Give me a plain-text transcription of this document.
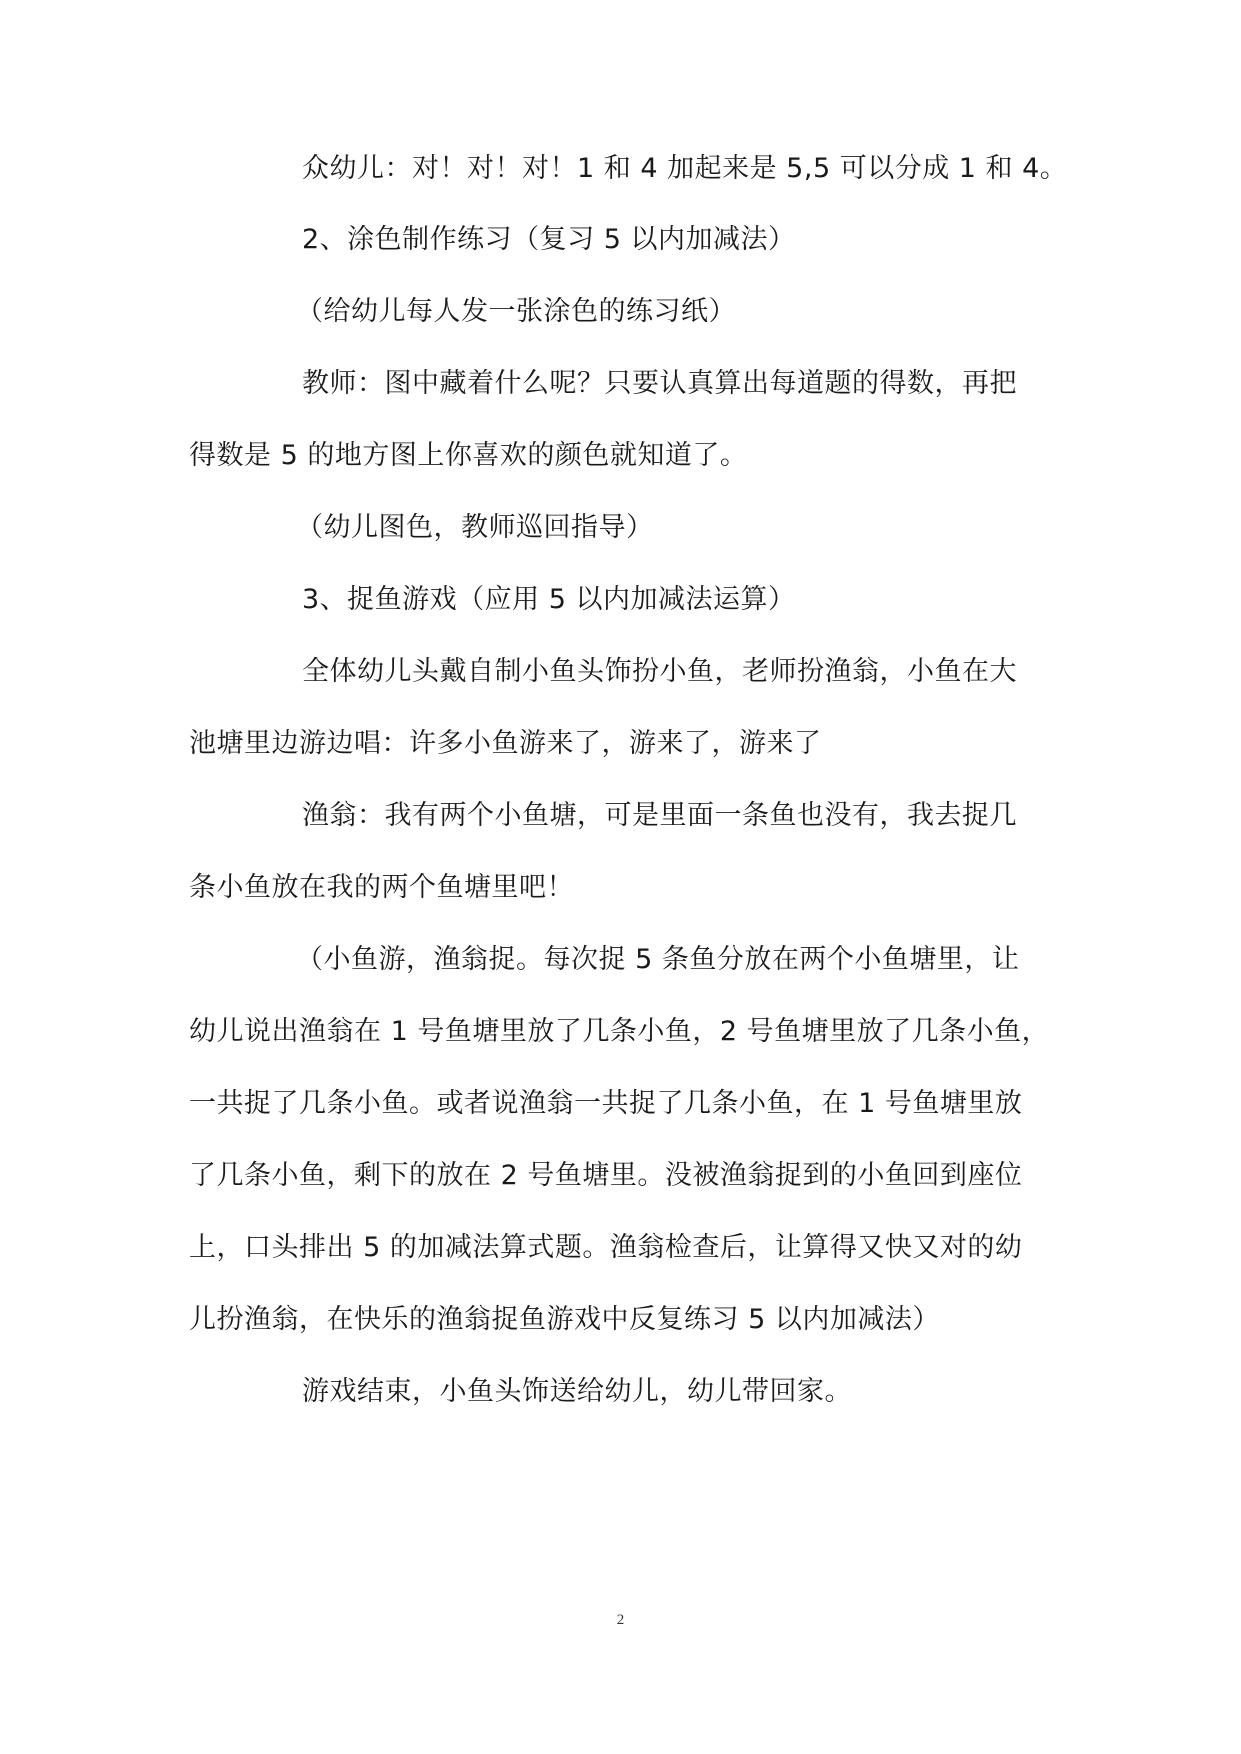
众幼儿：对！对！对！1 和 4 加起来是 5,5 可以分成 1 和 4。
2、涂色制作练习（复习 5 以内加减法）
（给幼儿每人发一张涂色的练习纸）
教师：图中藏着什么呢？只要认真算出每道题的得数，再把
得数是 5 的地方图上你喜欢的颜色就知道了。
（幼儿图色，教师巡回指导）
3、捉鱼游戏（应用 5 以内加减法运算）
全体幼儿头戴自制小鱼头饰扮小鱼，老师扮渔翁，小鱼在大
池塘里边游边唱：许多小鱼游来了，游来了，游来了
渔翁：我有两个小鱼塘，可是里面一条鱼也没有，我去捉几
条小鱼放在我的两个鱼塘里吧！
（小鱼游，渔翁捉。每次捉 5 条鱼分放在两个小鱼塘里，让
幼儿说出渔翁在 1 号鱼塘里放了几条小鱼，2 号鱼塘里放了几条小鱼，
一共捉了几条小鱼。或者说渔翁一共捉了几条小鱼，在 1 号鱼塘里放
了几条小鱼，剩下的放在 2 号鱼塘里。没被渔翁捉到的小鱼回到座位
上，口头排出 5 的加减法算式题。渔翁检查后，让算得又快又对的幼
儿扮渔翁，在快乐的渔翁捉鱼游戏中反复练习 5 以内加减法）
游戏结束，小鱼头饰送给幼儿，幼儿带回家。
2
